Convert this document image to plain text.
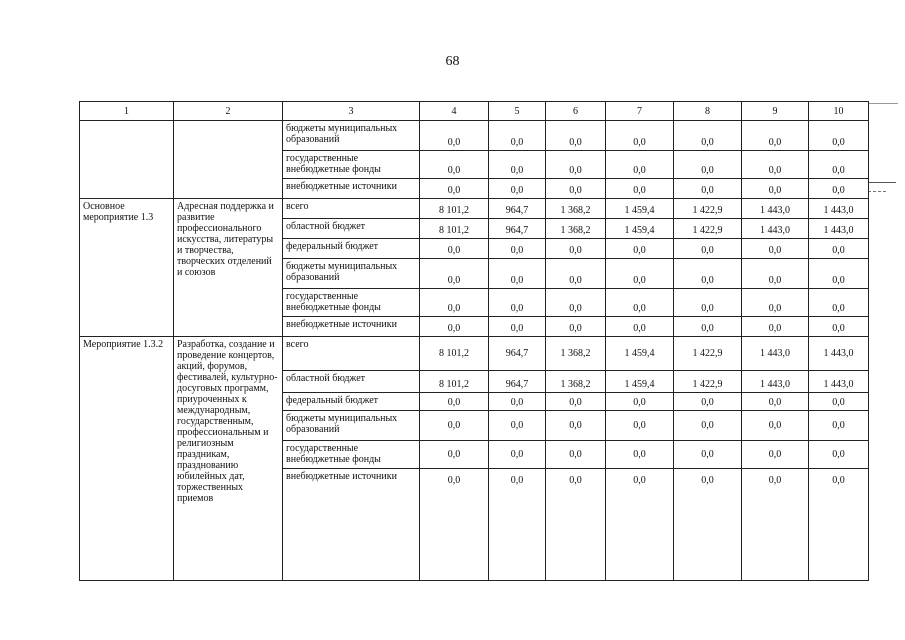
68
1	2	3	4	5	6	7	8	9	10
		бюджеты муниципальных образований	0,0	0,0	0,0	0,0	0,0	0,0	0,0
		государственные внебюджетные фонды	0,0	0,0	0,0	0,0	0,0	0,0	0,0
		внебюджетные источники	0,0	0,0	0,0	0,0	0,0	0,0	0,0
Основное мероприятие 1.3	Адресная поддержка и развитие профессионального искусства, литературы и творчества, творческих отделений и союзов	всего	8 101,2	964,7	1 368,2	1 459,4	1 422,9	1 443,0	1 443,0
		областной бюджет	8 101,2	964,7	1 368,2	1 459,4	1 422,9	1 443,0	1 443,0
		федеральный бюджет	0,0	0,0	0,0	0,0	0,0	0,0	0,0
		бюджеты муниципальных образований	0,0	0,0	0,0	0,0	0,0	0,0	0,0
		государственные внебюджетные фонды	0,0	0,0	0,0	0,0	0,0	0,0	0,0
		внебюджетные источники	0,0	0,0	0,0	0,0	0,0	0,0	0,0
Мероприятие 1.3.2	Разработка, создание и проведение концертов, акций, форумов, фестивалей, культурно-досуговых программ, приуроченных к международным, государственным, профессиональным и религиозным праздникам, празднованию юбилейных дат, торжественных приемов	всего	8 101,2	964,7	1 368,2	1 459,4	1 422,9	1 443,0	1 443,0
		областной бюджет	8 101,2	964,7	1 368,2	1 459,4	1 422,9	1 443,0	1 443,0
		федеральный бюджет	0,0	0,0	0,0	0,0	0,0	0,0	0,0
		бюджеты муниципальных образований	0,0	0,0	0,0	0,0	0,0	0,0	0,0
		государственные внебюджетные фонды	0,0	0,0	0,0	0,0	0,0	0,0	0,0
		внебюджетные источники	0,0	0,0	0,0	0,0	0,0	0,0	0,0
